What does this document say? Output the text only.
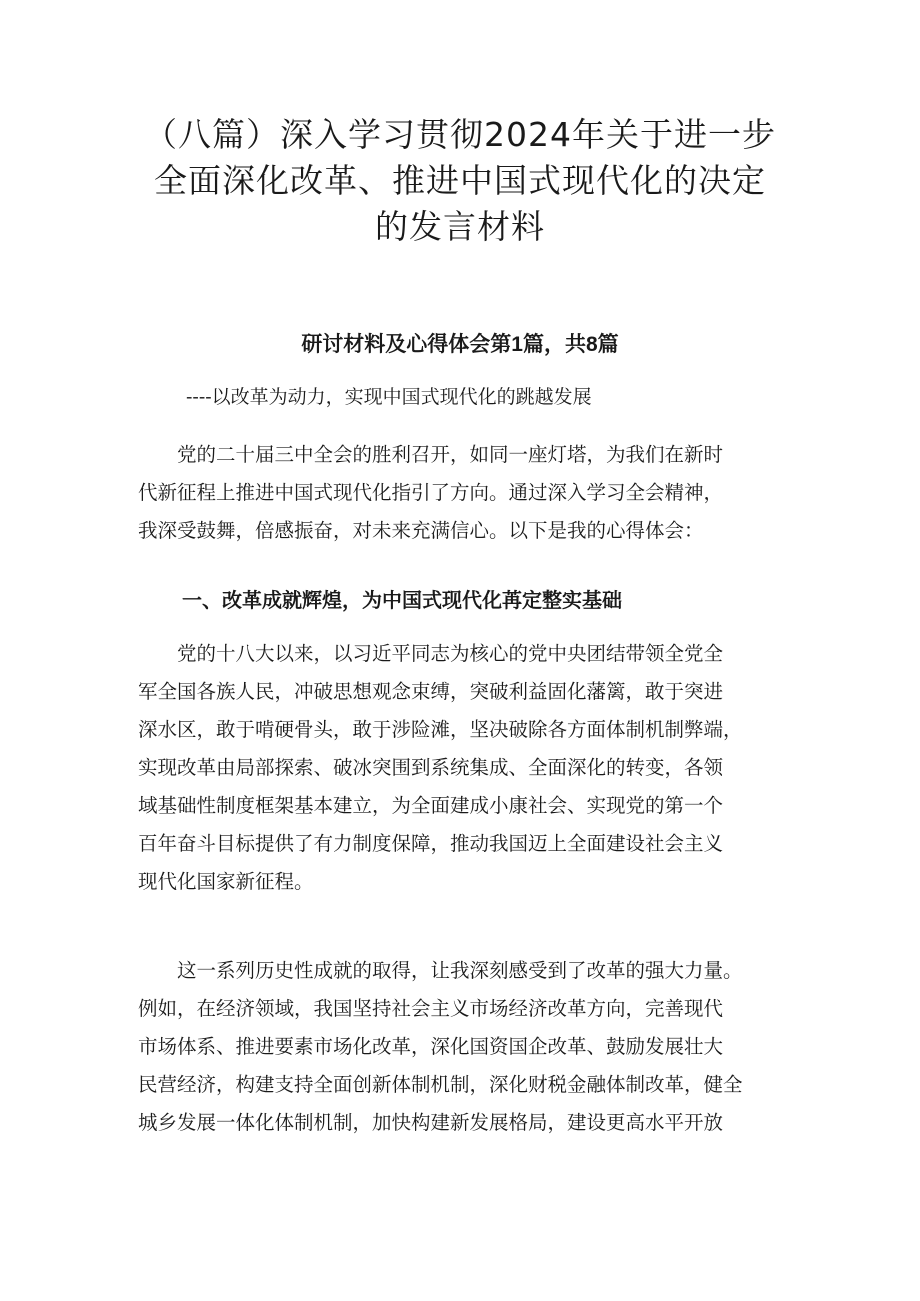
（八篇）深入学习贯彻2024年关于进一步
全面深化改革、推进中国式现代化的决定
的发言材料
研讨材料及心得体会第1篇，共8篇
----以改革为动力，实现中国式现代化的跳越发展
　　党的二十届三中全会的胜利召开，如同一座灯塔，为我们在新时
代新征程上推进中国式现代化指引了方向。通过深入学习全会精神，
我深受鼓舞，倍感振奋，对未来充满信心。以下是我的心得体会：
一、改革成就辉煌，为中国式现代化苒定整实基础
　　党的十八大以来，以习近平同志为核心的党中央团结带领全党全
军全国各族人民，冲破思想观念束缚，突破利益固化藩篱，敢于突进
深水区，敢于啃硬骨头，敢于涉险滩，坚决破除各方面体制机制弊端，
实现改革由局部探索、破冰突围到系统集成、全面深化的转变，各领
域基础性制度框架基本建立，为全面建成小康社会、实现党的第一个
百年奋斗目标提供了有力制度保障，推动我国迈上全面建设社会主义
现代化国家新征程。
　　这一系列历史性成就的取得，让我深刻感受到了改革的强大力量。
例如，在经济领域，我国坚持社会主义市场经济改革方向，完善现代
市场体系、推进要素市场化改革，深化国资国企改革、鼓励发展壮大
民营经济，构建支持全面创新体制机制，深化财税金融体制改革，健全
城乡发展一体化体制机制，加快构建新发展格局，建设更高水平开放
